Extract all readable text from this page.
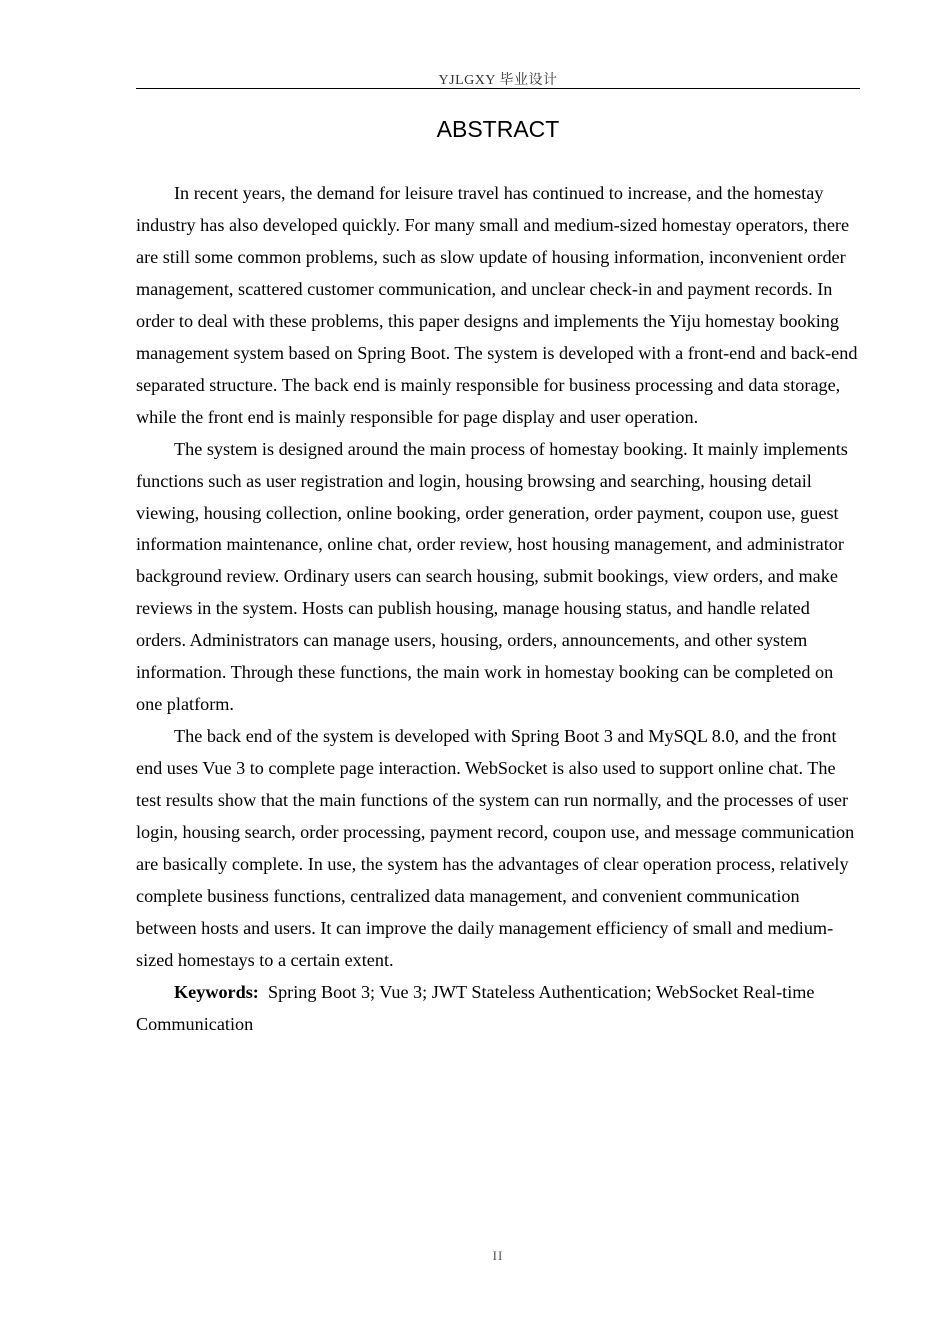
YJLGXY 毕业设计
ABSTRACT

In recent years, the demand for leisure travel has continued to increase, and the homestay industry has also developed quickly. For many small and medium-sized homestay operators, there are still some common problems, such as slow update of housing information, inconvenient order management, scattered customer communication, and unclear check-in and payment records. In order to deal with these problems, this paper designs and implements the Yiju homestay booking management system based on Spring Boot. The system is developed with a front-end and back-end separated structure. The back end is mainly responsible for business processing and data storage, while the front end is mainly responsible for page display and user operation.

The system is designed around the main process of homestay booking. It mainly implements functions such as user registration and login, housing browsing and searching, housing detail viewing, housing collection, online booking, order generation, order payment, coupon use, guest information maintenance, online chat, order review, host housing management, and administrator background review. Ordinary users can search housing, submit bookings, view orders, and make reviews in the system. Hosts can publish housing, manage housing status, and handle related orders. Administrators can manage users, housing, orders, announcements, and other system information. Through these functions, the main work in homestay booking can be completed on one platform.

The back end of the system is developed with Spring Boot 3 and MySQL 8.0, and the front end uses Vue 3 to complete page interaction. WebSocket is also used to support online chat. The test results show that the main functions of the system can run normally, and the processes of user login, housing search, order processing, payment record, coupon use, and message communication are basically complete. In use, the system has the advantages of clear operation process, relatively complete business functions, centralized data management, and convenient communication between hosts and users. It can improve the daily management efficiency of small and medium-sized homestays to a certain extent.

Keywords: Spring Boot 3; Vue 3; JWT Stateless Authentication; WebSocket Real-time Communication

II
